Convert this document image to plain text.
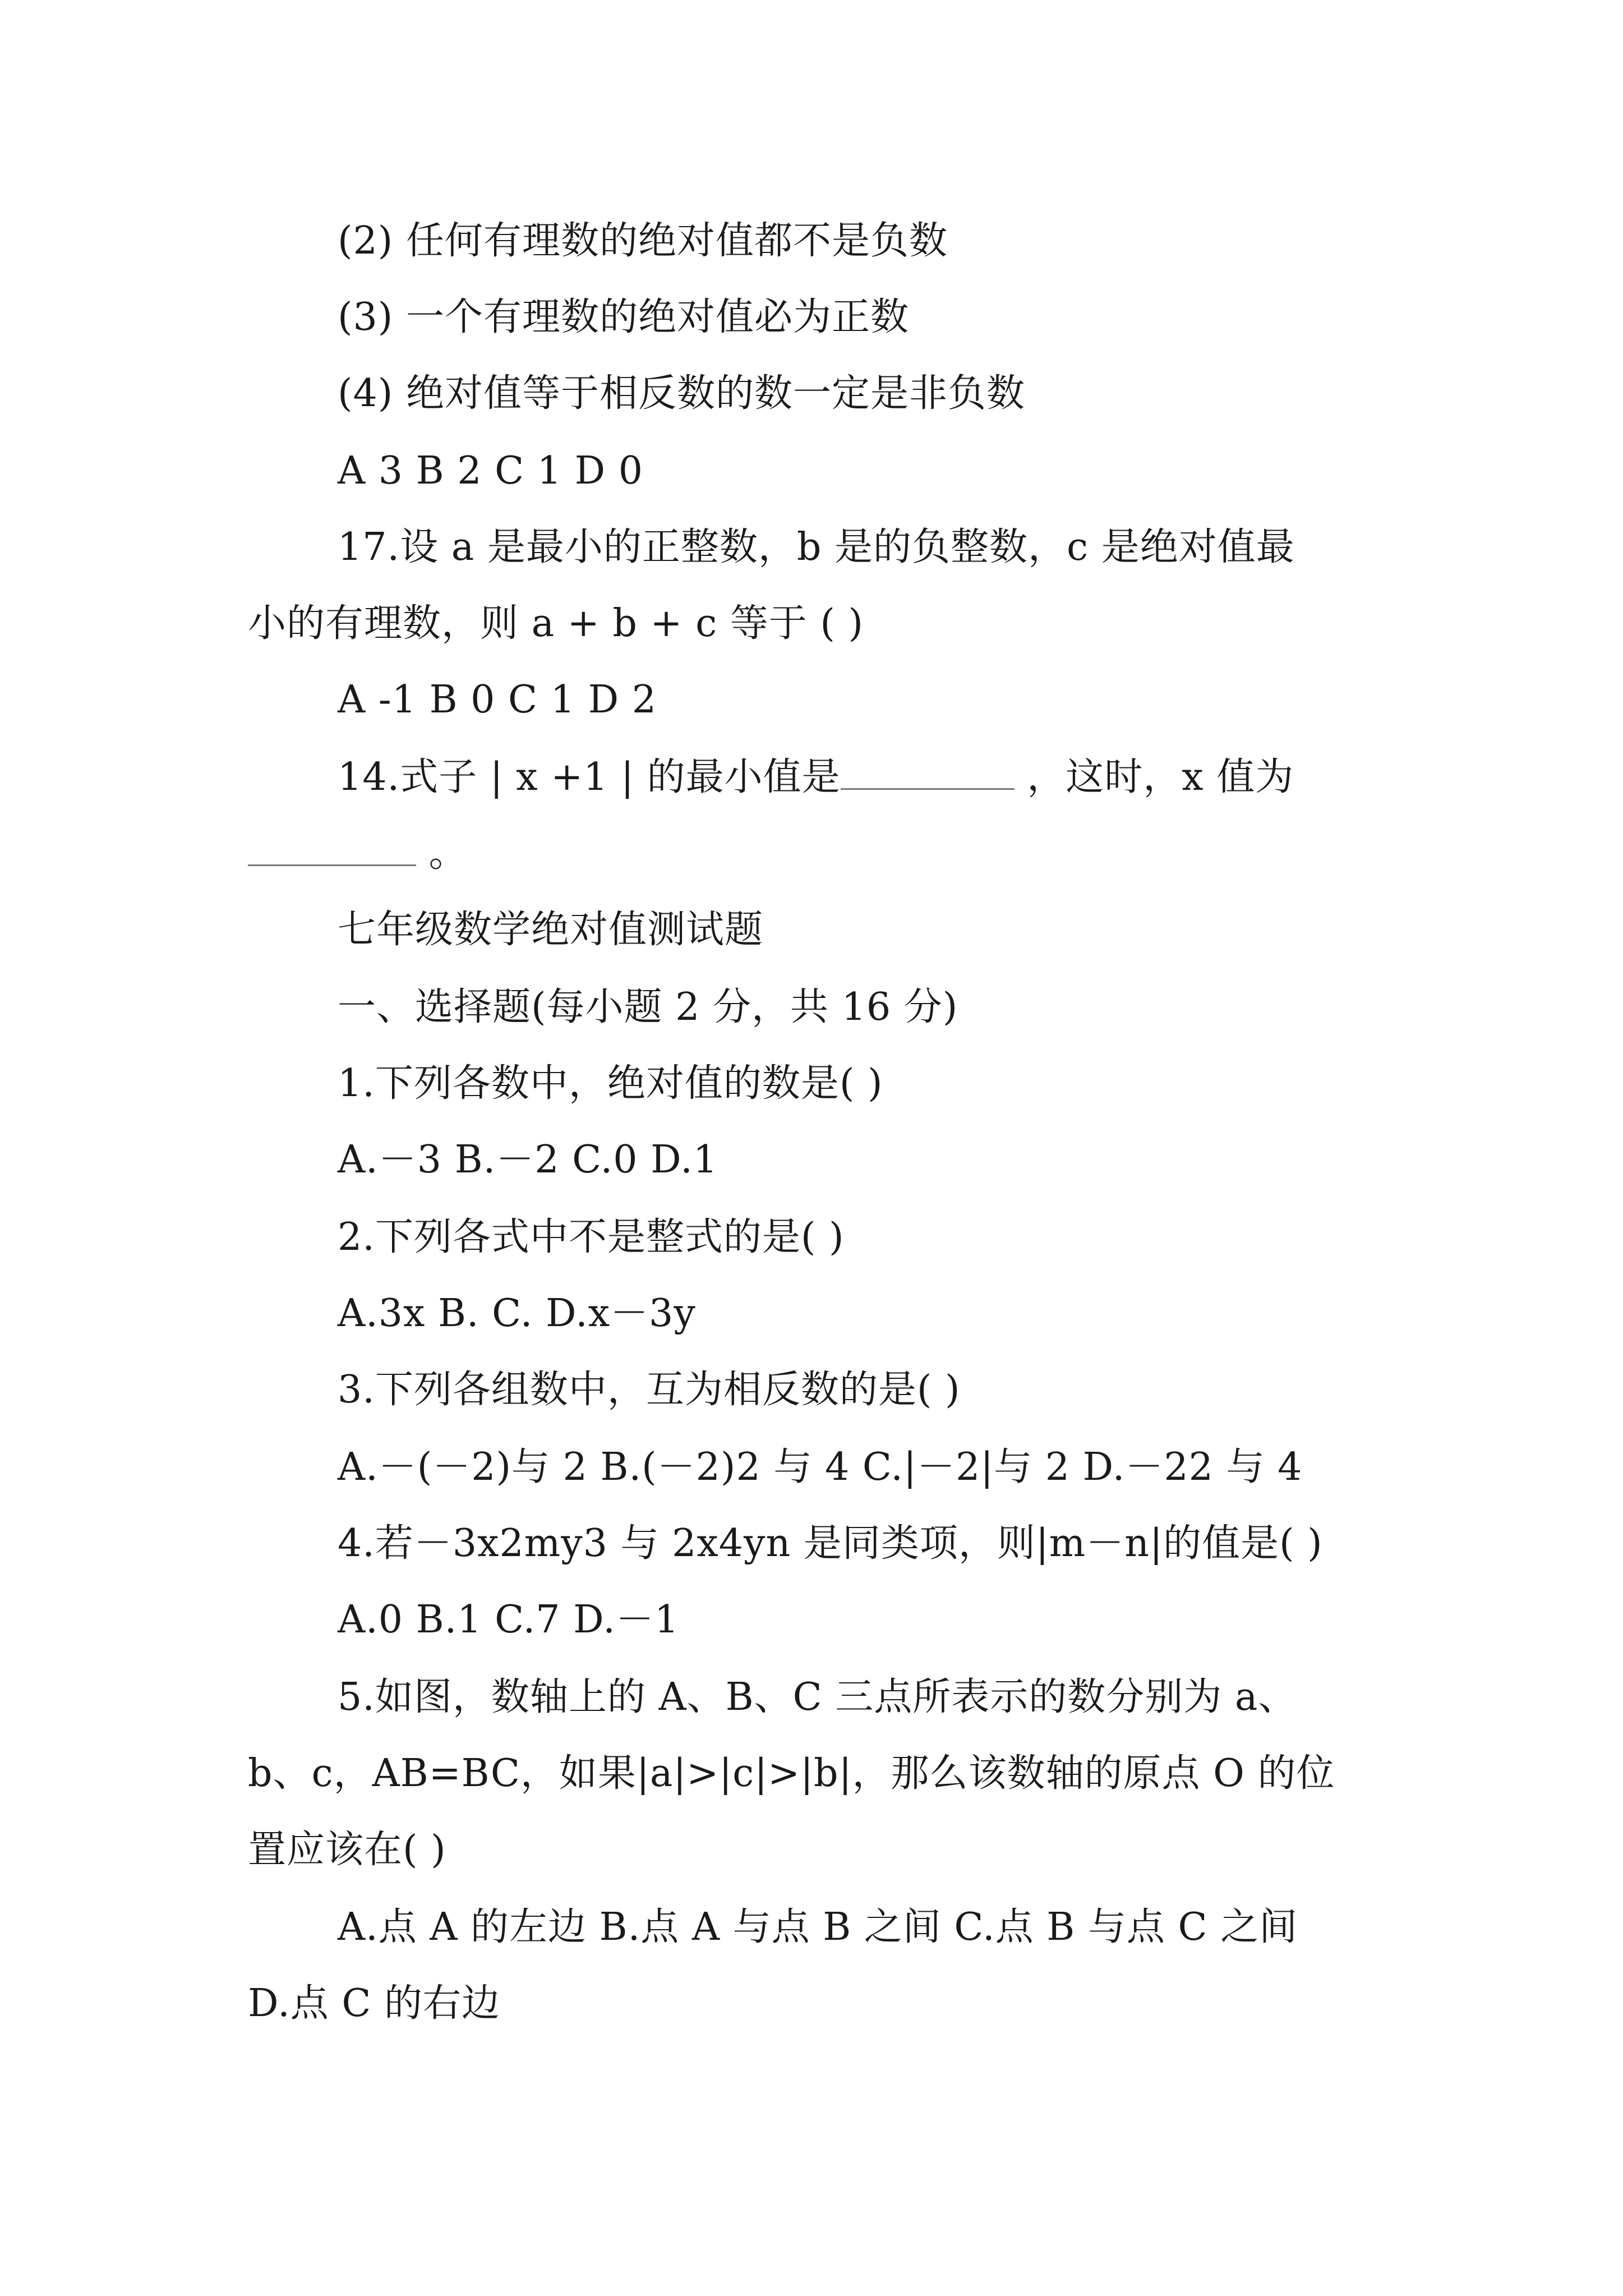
(2) 任何有理数的绝对值都不是负数
(3) 一个有理数的绝对值必为正数
(4) 绝对值等于相反数的数一定是非负数
A 3 B 2 C 1 D 0
17.设 a 是最小的正整数，b 是的负整数，c 是绝对值最
小的有理数，则 a + b + c 等于 ( )
A -1 B 0 C 1 D 2
14.式子 | x +1 | 的最小值是	，这时，x 值为
。
七年级数学绝对值测试题
一、选择题(每小题 2 分，共 16 分)
1.下列各数中，绝对值的数是( )
A.－3 B.－2 C.0 D.1
2.下列各式中不是整式的是( )
A.3x B. C. D.x－3y
3.下列各组数中，互为相反数的是( )
A.－(－2)与 2 B.(－2)2 与 4 C.|－2|与 2 D.－22 与 4
4.若－3x2my3 与 2x4yn 是同类项，则|m－n|的值是( )
A.0 B.1 C.7 D.－1
5.如图，数轴上的 A、B、C 三点所表示的数分别为 a、
b、c，AB=BC，如果|a|>|c|>|b|，那么该数轴的原点 O 的位
置应该在( )
A.点 A 的左边 B.点 A 与点 B 之间 C.点 B 与点 C 之间
D.点 C 的右边
